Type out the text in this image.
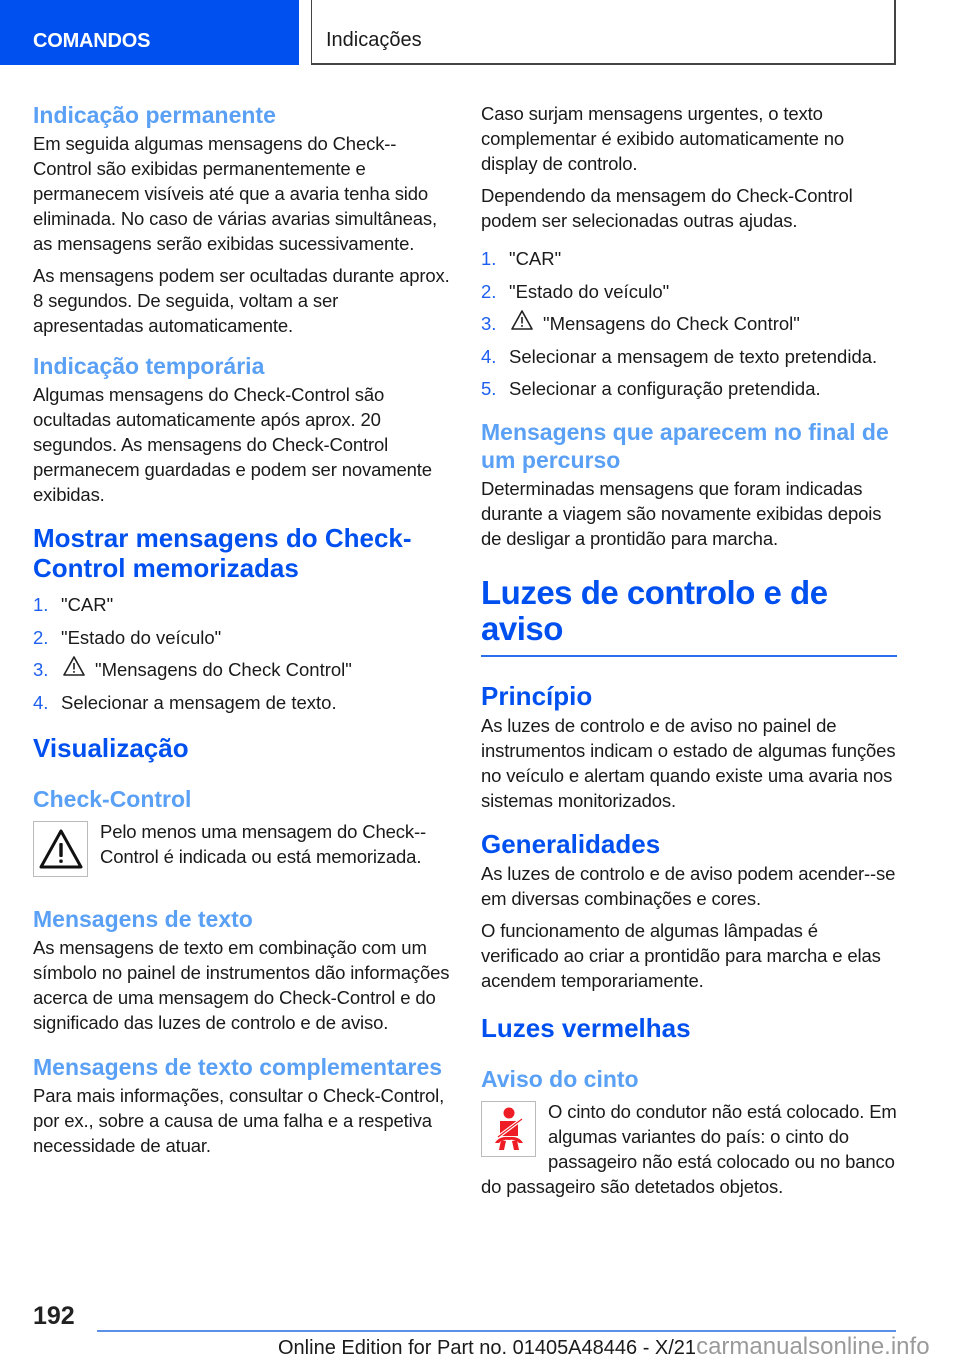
COMANDOS	Indicações
Indicação permanente

Em seguida algumas mensagens do Check--Control são exibidas permanentemente e permanecem visíveis até que a avaria tenha sido eliminada. No caso de várias avarias simultâneas, as mensagens serão exibidas sucessivamente.

As mensagens podem ser ocultadas durante aprox. 8 segundos. De seguida, voltam a ser apresentadas automaticamente.

Indicação temporária

Algumas mensagens do Check-Control são ocultadas automaticamente após aprox. 20 segundos. As mensagens do Check-Control permanecem guardadas e podem ser novamente exibidas.

Mostrar mensagens do Check-Control memorizadas
1. "CAR"
2. "Estado do veículo"
3.	"Mensagens do Check Control"
4. Selecionar a mensagem de texto.
Visualização
Check-Control

Pelo menos uma mensagem do Check--Control é indicada ou está memorizada.

Mensagens de texto

As mensagens de texto em combinação com um símbolo no painel de instrumentos dão informações acerca de uma mensagem do Check-Control e do significado das luzes de controlo e de aviso.

Mensagens de texto complementares

Para mais informações, consultar o Check-Control, por ex., sobre a causa de uma falha e a respetiva necessidade de atuar.

Caso surjam mensagens urgentes, o texto complementar é exibido automaticamente no display de controlo.

Dependendo da mensagem do Check-Control podem ser selecionadas outras ajudas.

1. "CAR"
2. "Estado do veículo"
3.	"Mensagens do Check Control"
4. Selecionar a mensagem de texto pretendida.
5. Selecionar a configuração pretendida.
Mensagens que aparecem no final de um percurso

Determinadas mensagens que foram indicadas durante a viagem são novamente exibidas depois de desligar a prontidão para marcha.

Luzes de controlo e de aviso
Princípio

As luzes de controlo e de aviso no painel de instrumentos indicam o estado de algumas funções no veículo e alertam quando existe uma avaria nos sistemas monitorizados.

Generalidades

As luzes de controlo e de aviso podem acender--se em diversas combinações e cores.

O funcionamento de algumas lâmpadas é verificado ao criar a prontidão para marcha e elas acendem temporariamente.

Luzes vermelhas
Aviso do cinto

O cinto do condutor não está colocado. Em algumas variantes do país: o cinto do passageiro não está colocado ou no banco do passageiro são detetados objetos.

192
Online Edition for Part no. 01405A48446 - X/21carmanualsonline.info
